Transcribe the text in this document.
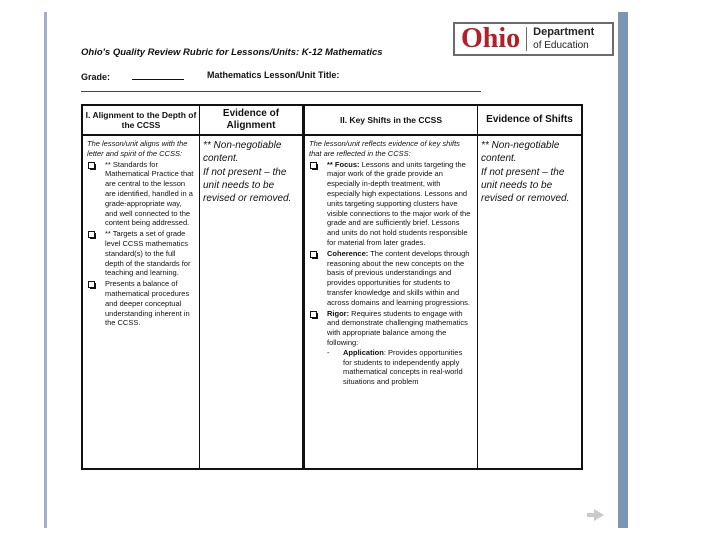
Ohio	Department
of Education
Ohio's Quality Review Rubric for Lessons/Units: K-12 Mathematics
Grade:	Mathematics Lesson/Unit Title:
I. Alignment to the Depth of the CCSS
The lesson/unit aligns with the letter and spirit of the CCSS:
** Standards for Mathematical Practice that are central to the lesson are identified, handled in a grade-appropriate way, and well connected to the content being addressed.
** Targets a set of grade level CCSS mathematics standard(s) to the full depth of the standards for teaching and learning.
Presents a balance of mathematical procedures and deeper conceptual understanding inherent in the CCSS.
Evidence of Alignment
** Non-negotiable content.
If not present – the unit needs to be revised or removed.
II. Key Shifts in the CCSS
The lesson/unit reflects evidence of key shifts that are reflected in the CCSS:
** Focus: Lessons and units targeting the major work of the grade provide an especially in-depth treatment, with especially high expectations. Lessons and units targeting supporting clusters have visible connections to the major work of the grade and are sufficiently brief. Lessons and units do not hold students responsible for material from later grades.
Coherence: The content develops through reasoning about the new concepts on the basis of previous understandings and provides opportunities for students to transfer knowledge and skills within and across domains and learning progressions.
Rigor: Requires students to engage with and demonstrate challenging mathematics with appropriate balance among the following:
- Application: Provides opportunities for students to independently apply mathematical concepts in real-world situations and problem
Evidence of Shifts
** Non-negotiable content.
If not present – the unit needs to be revised or removed.
